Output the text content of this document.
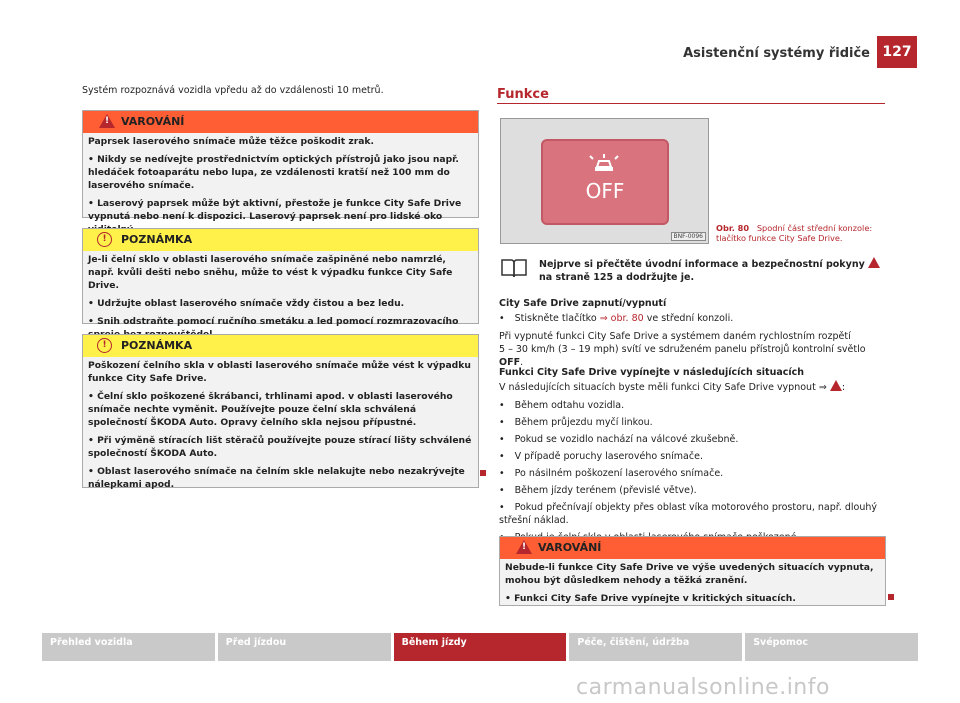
Asistenční systémy řidiče 127
Systém rozpoznává vozidla vpředu až do vzdálenosti 10 metrů.
!
VAROVÁNÍ

Paprsek laserového snímače může těžce poškodit zrak.

• Nikdy se nedívejte prostřednictvím optických přístrojů jako jsou např. hledáček fotoaparátu nebo lupa, ze vzdálenosti kratší než 100 mm do laserového snímače.

• Laserový paprsek může být aktivní, přestože je funkce City Safe Drive vypnutá nebo není k dispozici. Laserový paprsek není pro lidské oko

!	POZNÁMKA

Je-li čelní sklo v oblasti laserového snímače zašpiněné nebo namrzlé, např. kvůli dešti nebo sněhu, může to vést k výpadku funkce City Safe Drive.

• Udržujte oblast laserového snímače vždy čistou a bez ledu.

• Snih odstraňte pomocí ručního smetáku a led pomocí rozmrazovacího

!	POZNÁMKA

Poškození čelního skla v oblasti laserového snímače může vést k výpadku funkce City Safe Drive.

• Čelní sklo poškozené škrábanci, trhlinami apod. v oblasti laserového snímače nechte vyměnit. Používejte pouze čelní skla schválená společností ŠKODA Auto. Opravy čelního skla nejsou přípustné.

• Při výměně stíracích lišt stěračů používejte pouze stírací lišty schválené společností ŠKODA Auto.

• Oblast laserového snímače na čelním skle nelakujte nebo nezakrývejte nálepkami apod.

Funkce
OFF
BNF-0096
Obr. 80 Spodní část střední konzole: tlačítko funkce City Safe Drive.
Nejprve si přečtěte úvodní informace a bezpečnostní pokyny  na straně 125 a dodržujte je.
City Safe Drive zapnutí/vypnutí
• Stiskněte tlačítko ⇒ obr. 80 ve střední konzoli.
Při vypnuté funkci City Safe Drive a systémem daném rychlostním rozpětí
5 – 30 km/h (3 – 19 mph) svítí ve sdruženém panelu přístrojů kontrolní světlo OFF.
Funkci City Safe Drive vypínejte v následujících situacích
V následujících situacích byste měli funkci City Safe Drive vypnout ⇒ :
• Během odtahu vozidla.
• Během průjezdu myčí linkou.
• Pokud se vozidlo nachází na válcové zkušebně.
• V případě poruchy laserového snímače.
• Po násilném poškození laserového snímače.
• Během jízdy terénem (převislé větve).
• Pokud přečnívají objekty přes oblast víka motorového prostoru, např. dlouhý střešní náklad.
•
!
VAROVÁNÍ

Nebude-li funkce City Safe Drive ve výše uvedených situacích vypnuta, mohou být důsledkem nehody a těžká zranění.

• Funkci City Safe Drive vypínejte v kritických situacích.

Přehled vozidla	Před jízdou	Během jízdy	Péče, čištění, údržba	Svépomoc
carmanualsonline.info
